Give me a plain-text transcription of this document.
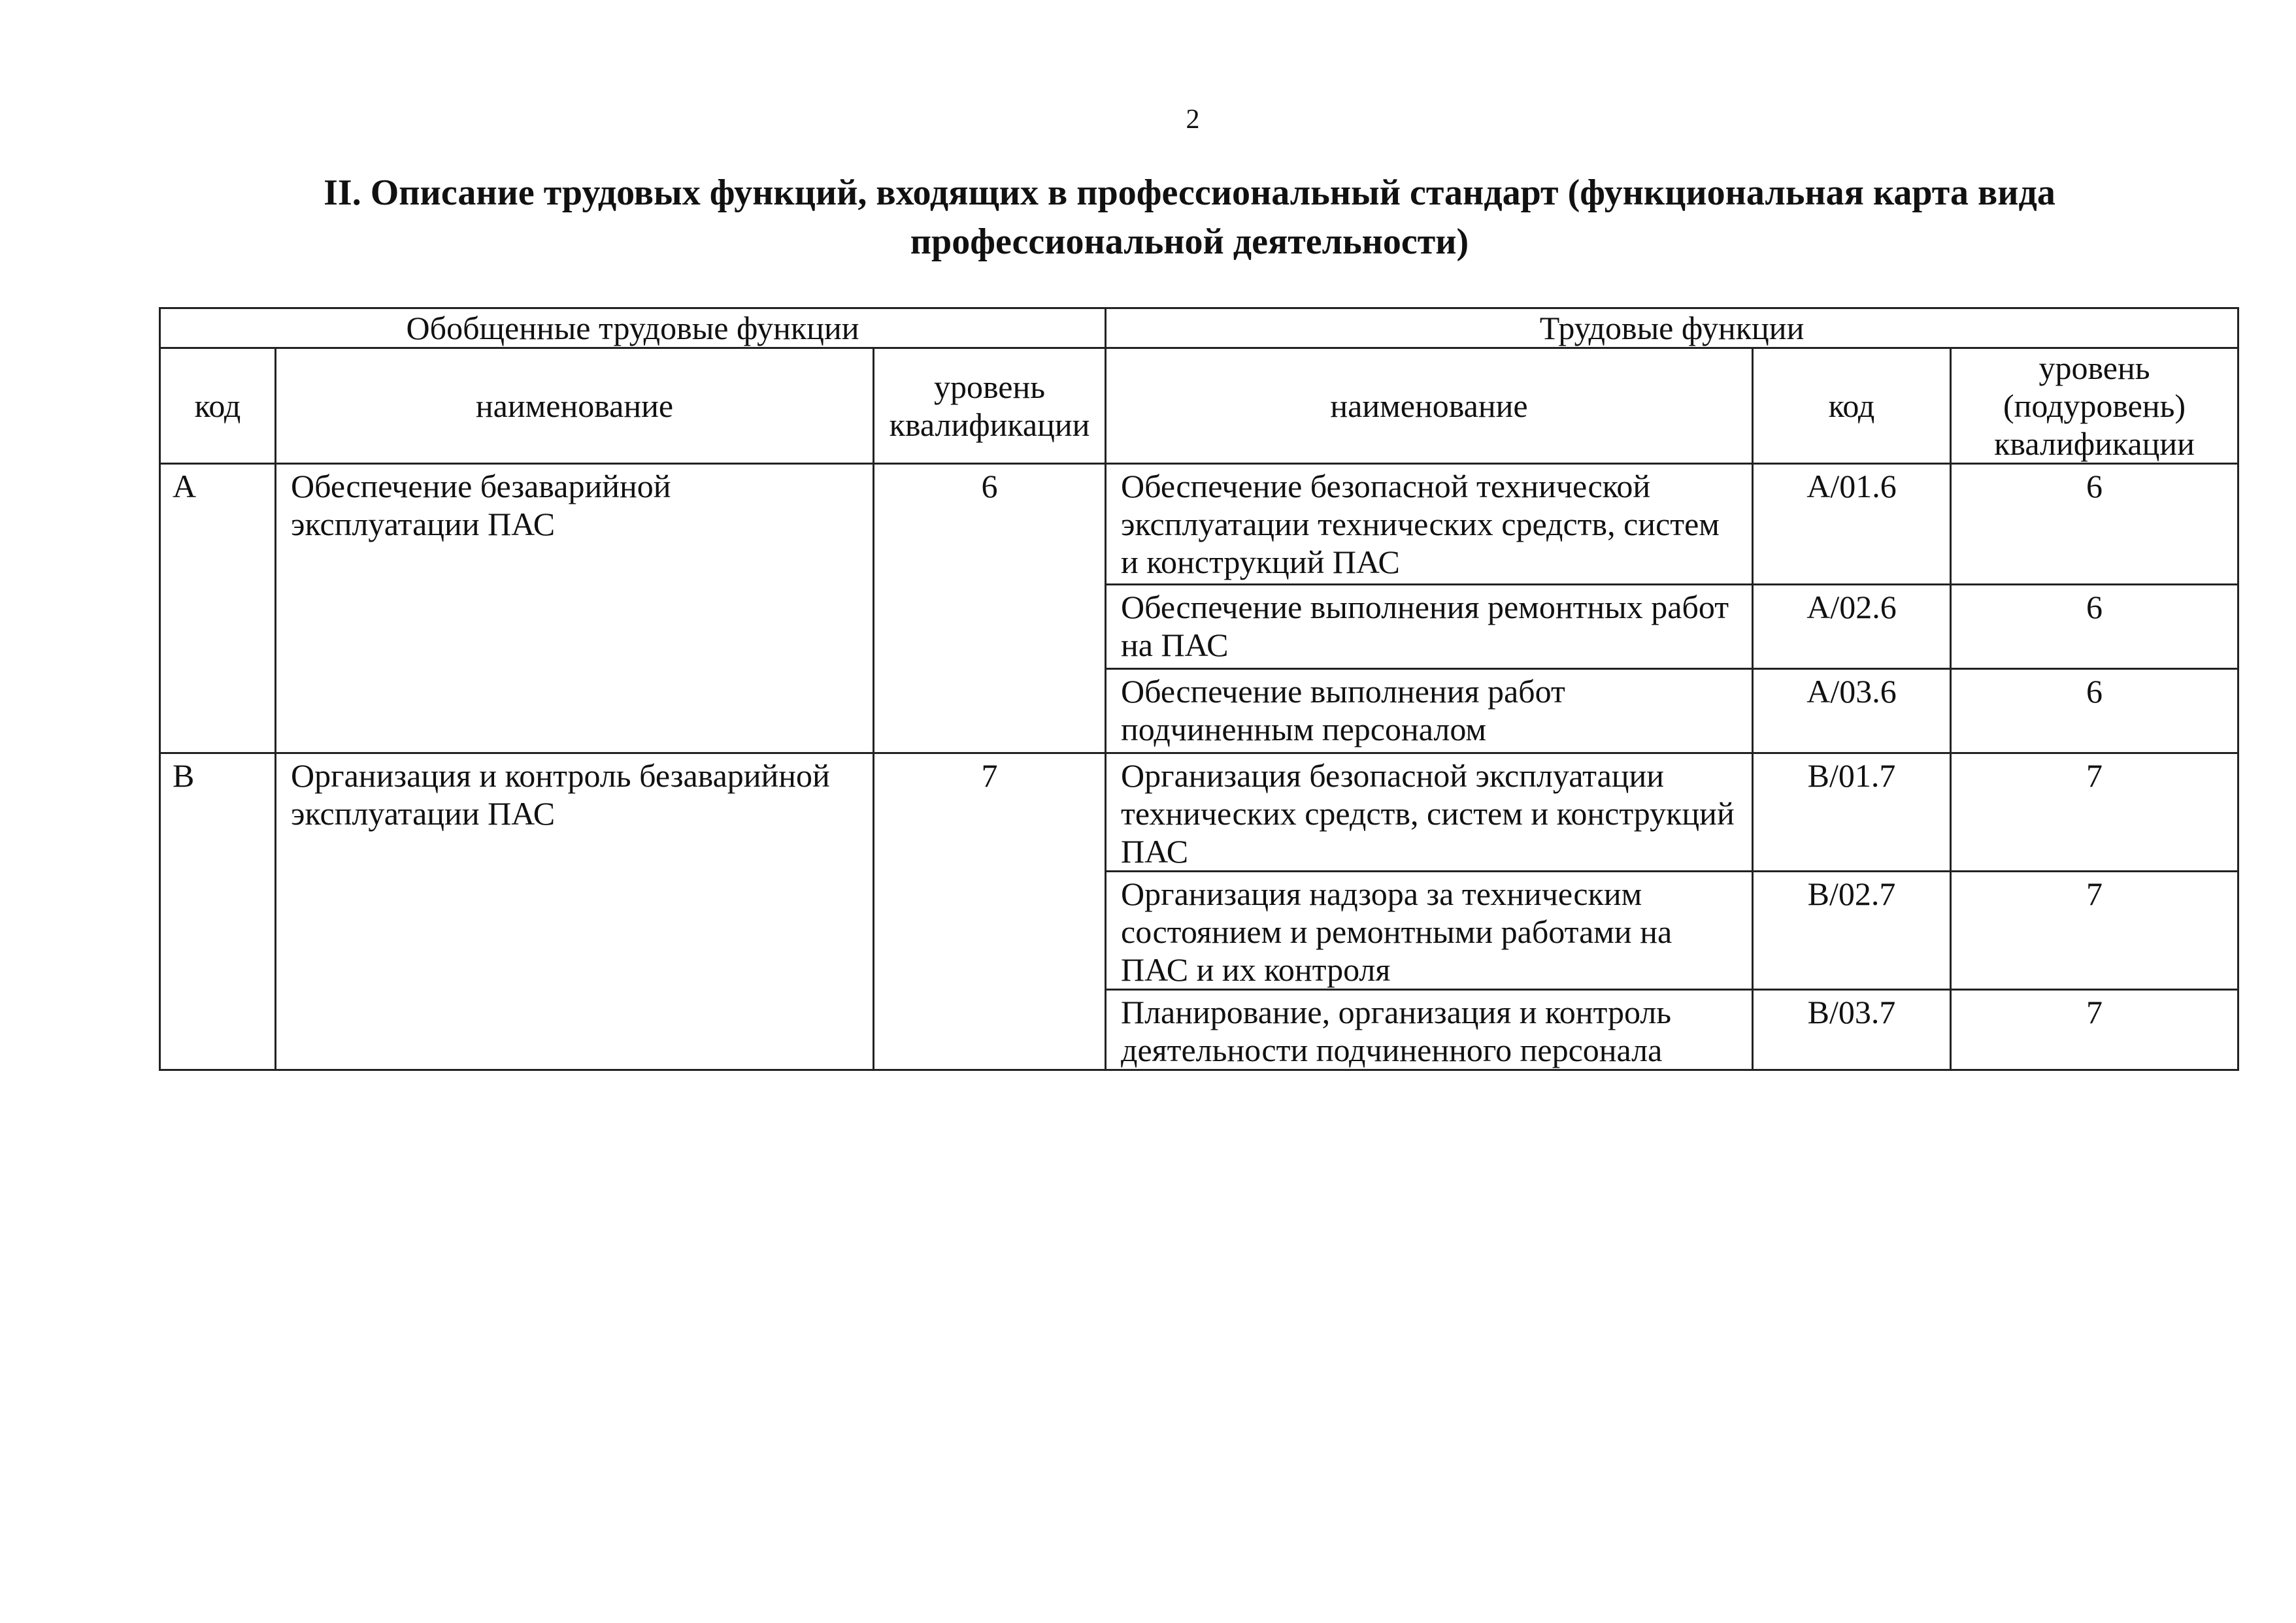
2
II. Описание трудовых функций, входящих в профессиональный стандарт (функциональная карта вида
профессиональной деятельности)
Обобщенные трудовые функции			Трудовые функции		
код	наименование	уровень квалификации	наименование	код	уровень (подуровень) квалификации
A	Обеспечение безаварийной эксплуатации ПАС	6	Обеспечение безопасной технической эксплуатации технических средств, систем и конструкций ПАС	A/01.6	6
			Обеспечение выполнения ремонтных работ на ПАС	A/02.6	6
			Обеспечение выполнения работ подчиненным персоналом	A/03.6	6
B	Организация и контроль безаварийной эксплуатации ПАС	7	Организация безопасной эксплуатации технических средств, систем и конструкций ПАС	B/01.7	7
			Организация надзора за техническим состоянием и ремонтными работами на ПАС и их контроля	B/02.7	7
			Планирование, организация и контроль деятельности подчиненного персонала	B/03.7	7
